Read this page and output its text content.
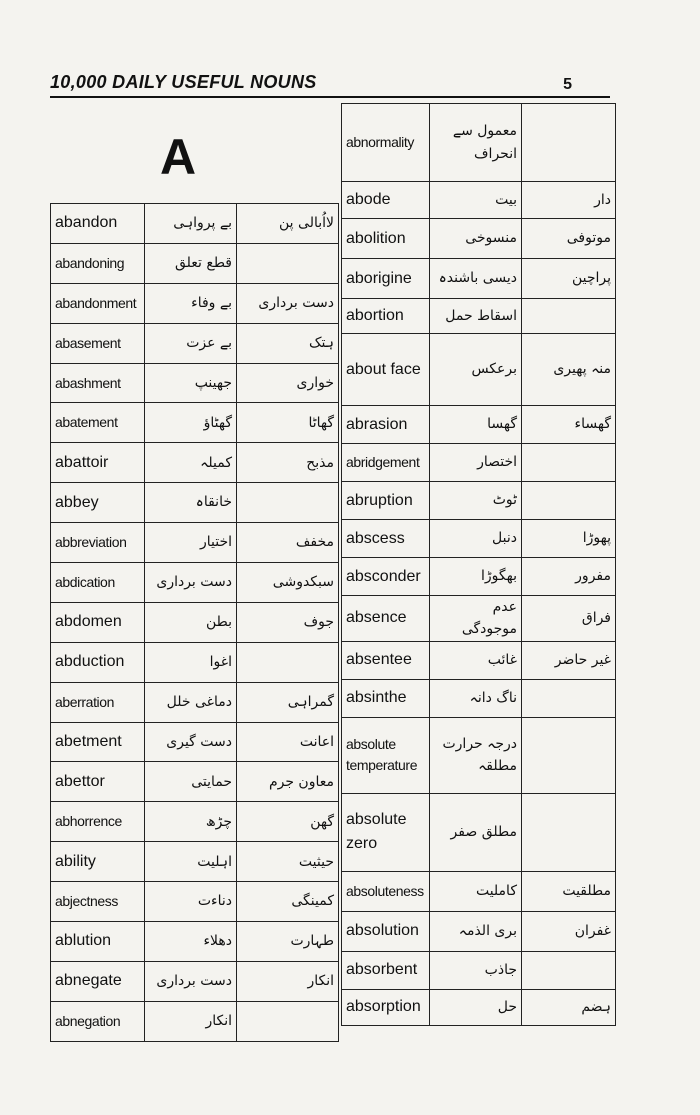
10,000 DAILY USEFUL NOUNS	5
A
abandon	بے پرواہی	لااُبالی پن
abandoning	قطع تعلق	
abandonment	بے وفاء	دست برداری
abasement	بے عزت	ہتک
abashment	جھینپ	خواری
abatement	گھٹاؤ	گھاٹا
abattoir	کمیلہ	مذبح
abbey	خانقاہ	
abbreviation	اختیار	مخفف
abdication	دست برداری	سبکدوشی
abdomen	بطن	جوف
abduction	اغوا	
aberration	دماغی خلل	گمراہی
abetment	دست گیری	اعانت
abettor	حمایتی	معاون جرم
abhorrence	چڑھ	گھن
ability	اہلیت	حیثیت
abjectness	دناءت	کمینگی
ablution	دھلاء	طہارت
abnegate	دست برداری	انکار
abnegation	انکار	
abnormality	معمول سے انحراف	
abode	بیت	دار
abolition	منسوخی	موتوفی
aborigine	دیسی باشندہ	پراچین
abortion	اسقاط حمل	
about face	برعکس	منہ پھیری
abrasion	گھسا	گھساء
abridgement	اختصار	
abruption	ٹوٹ	
abscess	دنبل	پھوڑا
absconder	بھگوڑا	مفرور
absence	عدم موجودگی	فراق
absentee	غائب	غیر حاضر
absinthe	ناگ دانہ	
absolute temperature	درجہ حرارت مطلقہ	
absolute zero	مطلق صفر	
absoluteness	کاملیت	مطلقیت
absolution	بری الذمہ	غفران
absorbent	جاذب	
absorption	حل	ہضم
